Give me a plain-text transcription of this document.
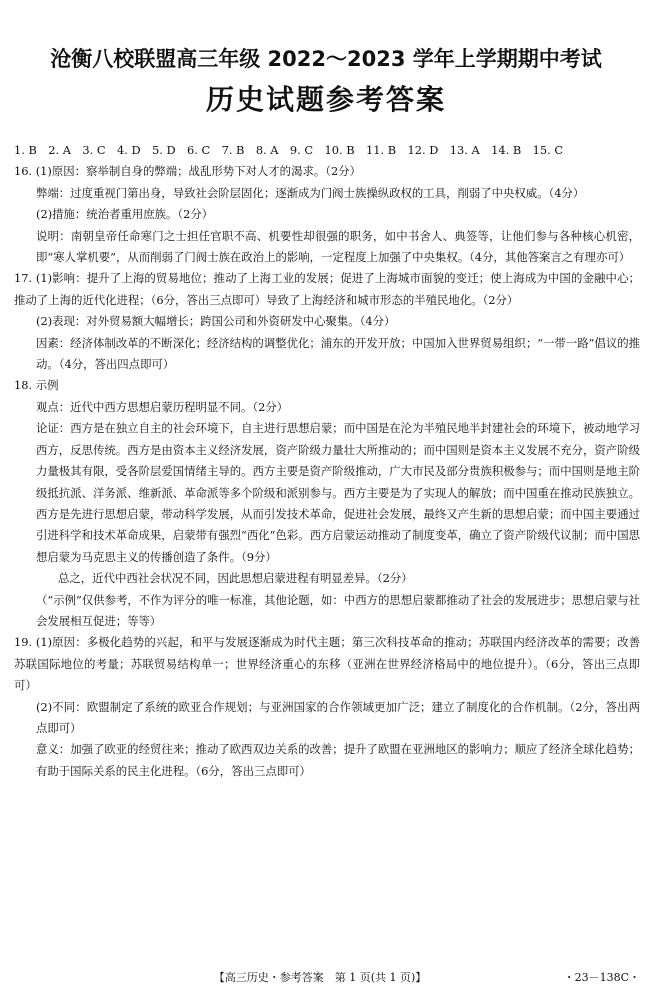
沧衡八校联盟高三年级 2022～2023 学年上学期期中考试
历史试题参考答案

1. B　2. A　3. C　4. D　5. D　6. C　7. B　8. A　9. C　10. B　11. B　12. D　13. A　14. B　15. C

16. (1)原因：察举制自身的弊端；战乱形势下对人才的渴求。（2分）

弊端：过度重视门第出身，导致社会阶层固化；逐渐成为门阀士族操纵政权的工具，削弱了中央权威。（4分）

(2)措施：统治者重用庶族。（2分）

说明：南朝皇帝任命寒门之士担任官职不高、机要性却很强的职务，如中书舍人、典签等，让他们参与各种核心机密，即“寒人掌机要”，从而削弱了门阀士族在政治上的影响，一定程度上加强了中央集权。（4分，其他答案言之有理亦可）

17. (1)影响：提升了上海的贸易地位；推动了上海工业的发展；促进了上海城市面貌的变迁；使上海成为中国的金融中心；推动了上海的近代化进程；（6分，答出三点即可）导致了上海经济和城市形态的半殖民地化。（2分）

(2)表现：对外贸易额大幅增长；跨国公司和外资研发中心聚集。（4分）

因素：经济体制改革的不断深化；经济结构的调整优化；浦东的开发开放；中国加入世界贸易组织；“一带一路”倡议的推动。（4分，答出四点即可）

18. 示例

观点：近代中西方思想启蒙历程明显不同。（2分）

论证：西方是在独立自主的社会环境下，自主进行思想启蒙；而中国是在沦为半殖民地半封建社会的环境下，被动地学习西方，反思传统。西方是由资本主义经济发展，资产阶级力量壮大所推动的；而中国则是资本主义发展不充分，资产阶级力量极其有限，受各阶层爱国情绪主导的。西方主要是资产阶级推动，广大市民及部分贵族积极参与；而中国则是地主阶级抵抗派、洋务派、维新派、革命派等多个阶级和派别参与。西方主要是为了实现人的解放；而中国重在推动民族独立。西方是先进行思想启蒙，带动科学发展，从而引发技术革命，促进社会发展，最终又产生新的思想启蒙；而中国主要通过引进科学和技术革命成果，启蒙带有强烈“西化”色彩。西方启蒙运动推动了制度变革，确立了资产阶级代议制；而中国思想启蒙为马克思主义的传播创造了条件。（9分）

总之，近代中西社会状况不同，因此思想启蒙进程有明显差异。（2分）

（“示例”仅供参考，不作为评分的唯一标准，其他论题，如：中西方的思想启蒙都推动了社会的发展进步；思想启蒙与社会发展相互促进；等等）

19. (1)原因：多极化趋势的兴起，和平与发展逐渐成为时代主题；第三次科技革命的推动；苏联国内经济改革的需要；改善苏联国际地位的考量；苏联贸易结构单一；世界经济重心的东移（亚洲在世界经济格局中的地位提升）。（6分，答出三点即可）

(2)不同：欧盟制定了系统的欧亚合作规划；与亚洲国家的合作领域更加广泛；建立了制度化的合作机制。（2分，答出两点即可）

意义：加强了欧亚的经贸往来；推动了欧西双边关系的改善；提升了欧盟在亚洲地区的影响力；顺应了经济全球化趋势；有助于国际关系的民主化进程。（6分，答出三点即可）

【高三历史・参考答案　第 1 页(共 1 页)】	・23－138C・
